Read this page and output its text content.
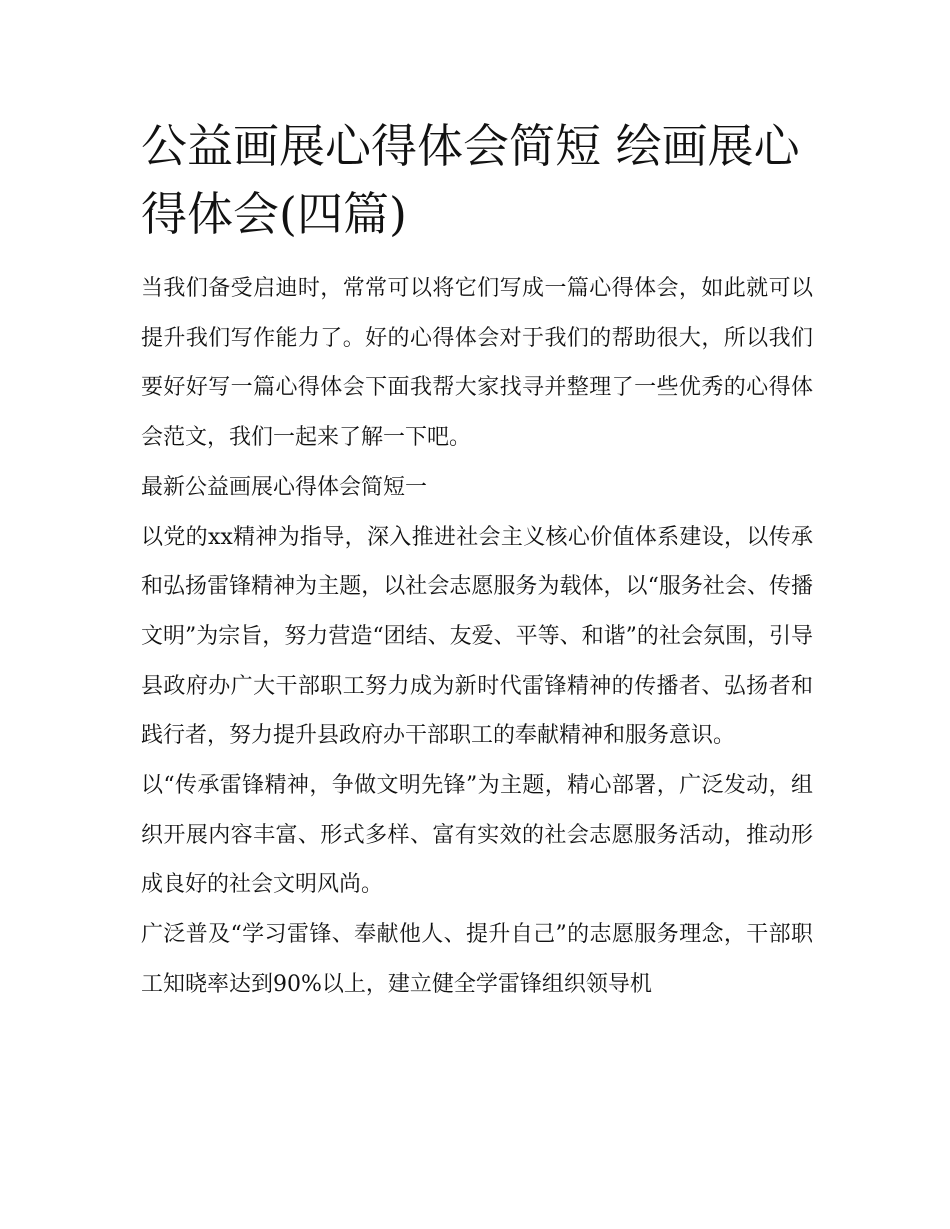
公益画展心得体会简短 绘画展心得体会(四篇)

当我们备受启迪时，常常可以将它们写成一篇心得体会，如此就可以提升我们写作能力了。好的心得体会对于我们的帮助很大，所以我们要好好写一篇心得体会下面我帮大家找寻并整理了一些优秀的心得体会范文，我们一起来了解一下吧。

最新公益画展心得体会简短一

以党的xx精神为指导，深入推进社会主义核心价值体系建设，以传承和弘扬雷锋精神为主题，以社会志愿服务为载体，以“服务社会、传播文明”为宗旨，努力营造“团结、友爱、平等、和谐”的社会氛围，引导县政府办广大干部职工努力成为新时代雷锋精神的传播者、弘扬者和践行者，努力提升县政府办干部职工的奉献精神和服务意识。

以“传承雷锋精神，争做文明先锋”为主题，精心部署，广泛发动，组织开展内容丰富、形式多样、富有实效的社会志愿服务活动，推动形成良好的社会文明风尚。

广泛普及“学习雷锋、奉献他人、提升自己”的志愿服务理念，干部职工知晓率达到90%以上，建立健全学雷锋组织领导机
